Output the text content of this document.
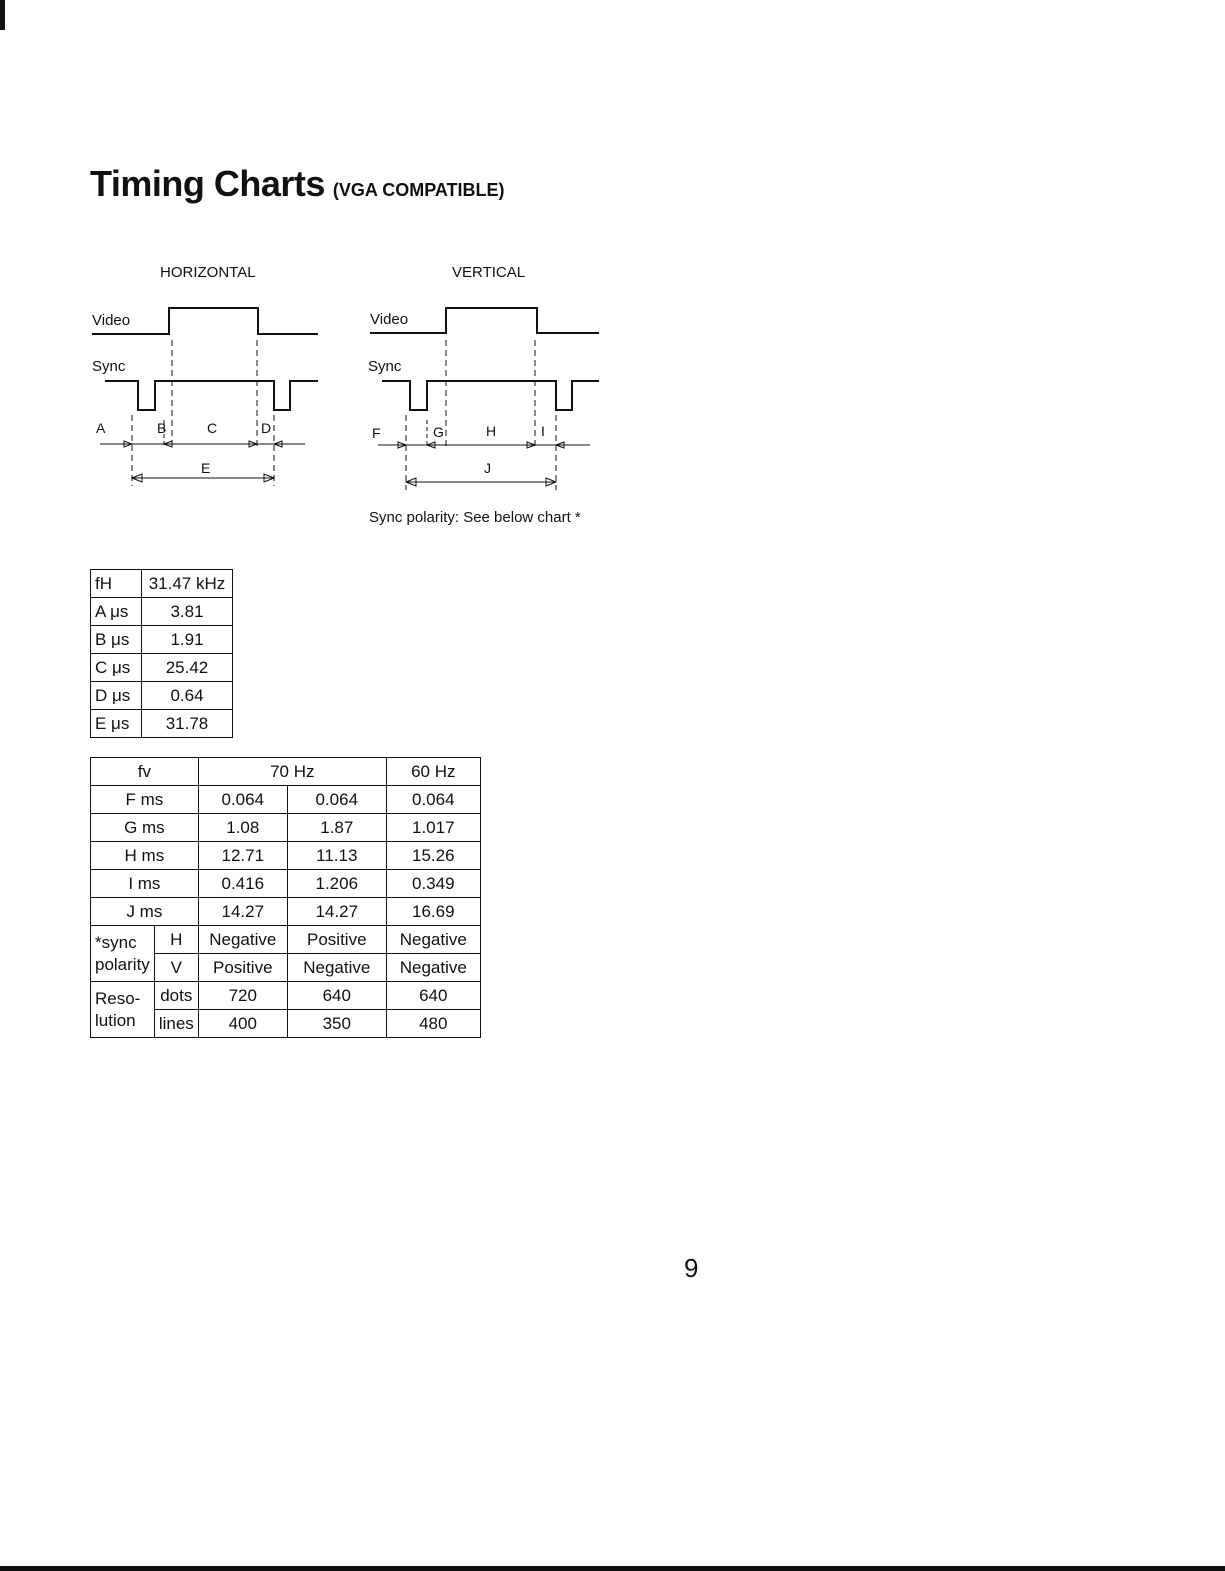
Timing Charts (VGA COMPATIBLE)
HORIZONTAL
Video
Sync
A	B	C	D
E
VERTICAL
Video
Sync
F	G	H	I
J
Sync polarity: See below chart *
fH	31.47 kHz
A μs	3.81
B μs	1.91
C μs	25.42
D μs	0.64
E μs	31.78
fv		70 Hz		60 Hz
F ms		0.064	0.064	0.064
G ms		1.08	1.87	1.017
H ms		12.71	11.13	15.26
I ms		0.416	1.206	0.349
J ms		14.27	14.27	16.69
*sync
polarity	H	Negative	Positive	Negative
	V	Positive	Negative	Negative
Reso-
lution	dots	720	640	640
	lines	400	350	480
9
